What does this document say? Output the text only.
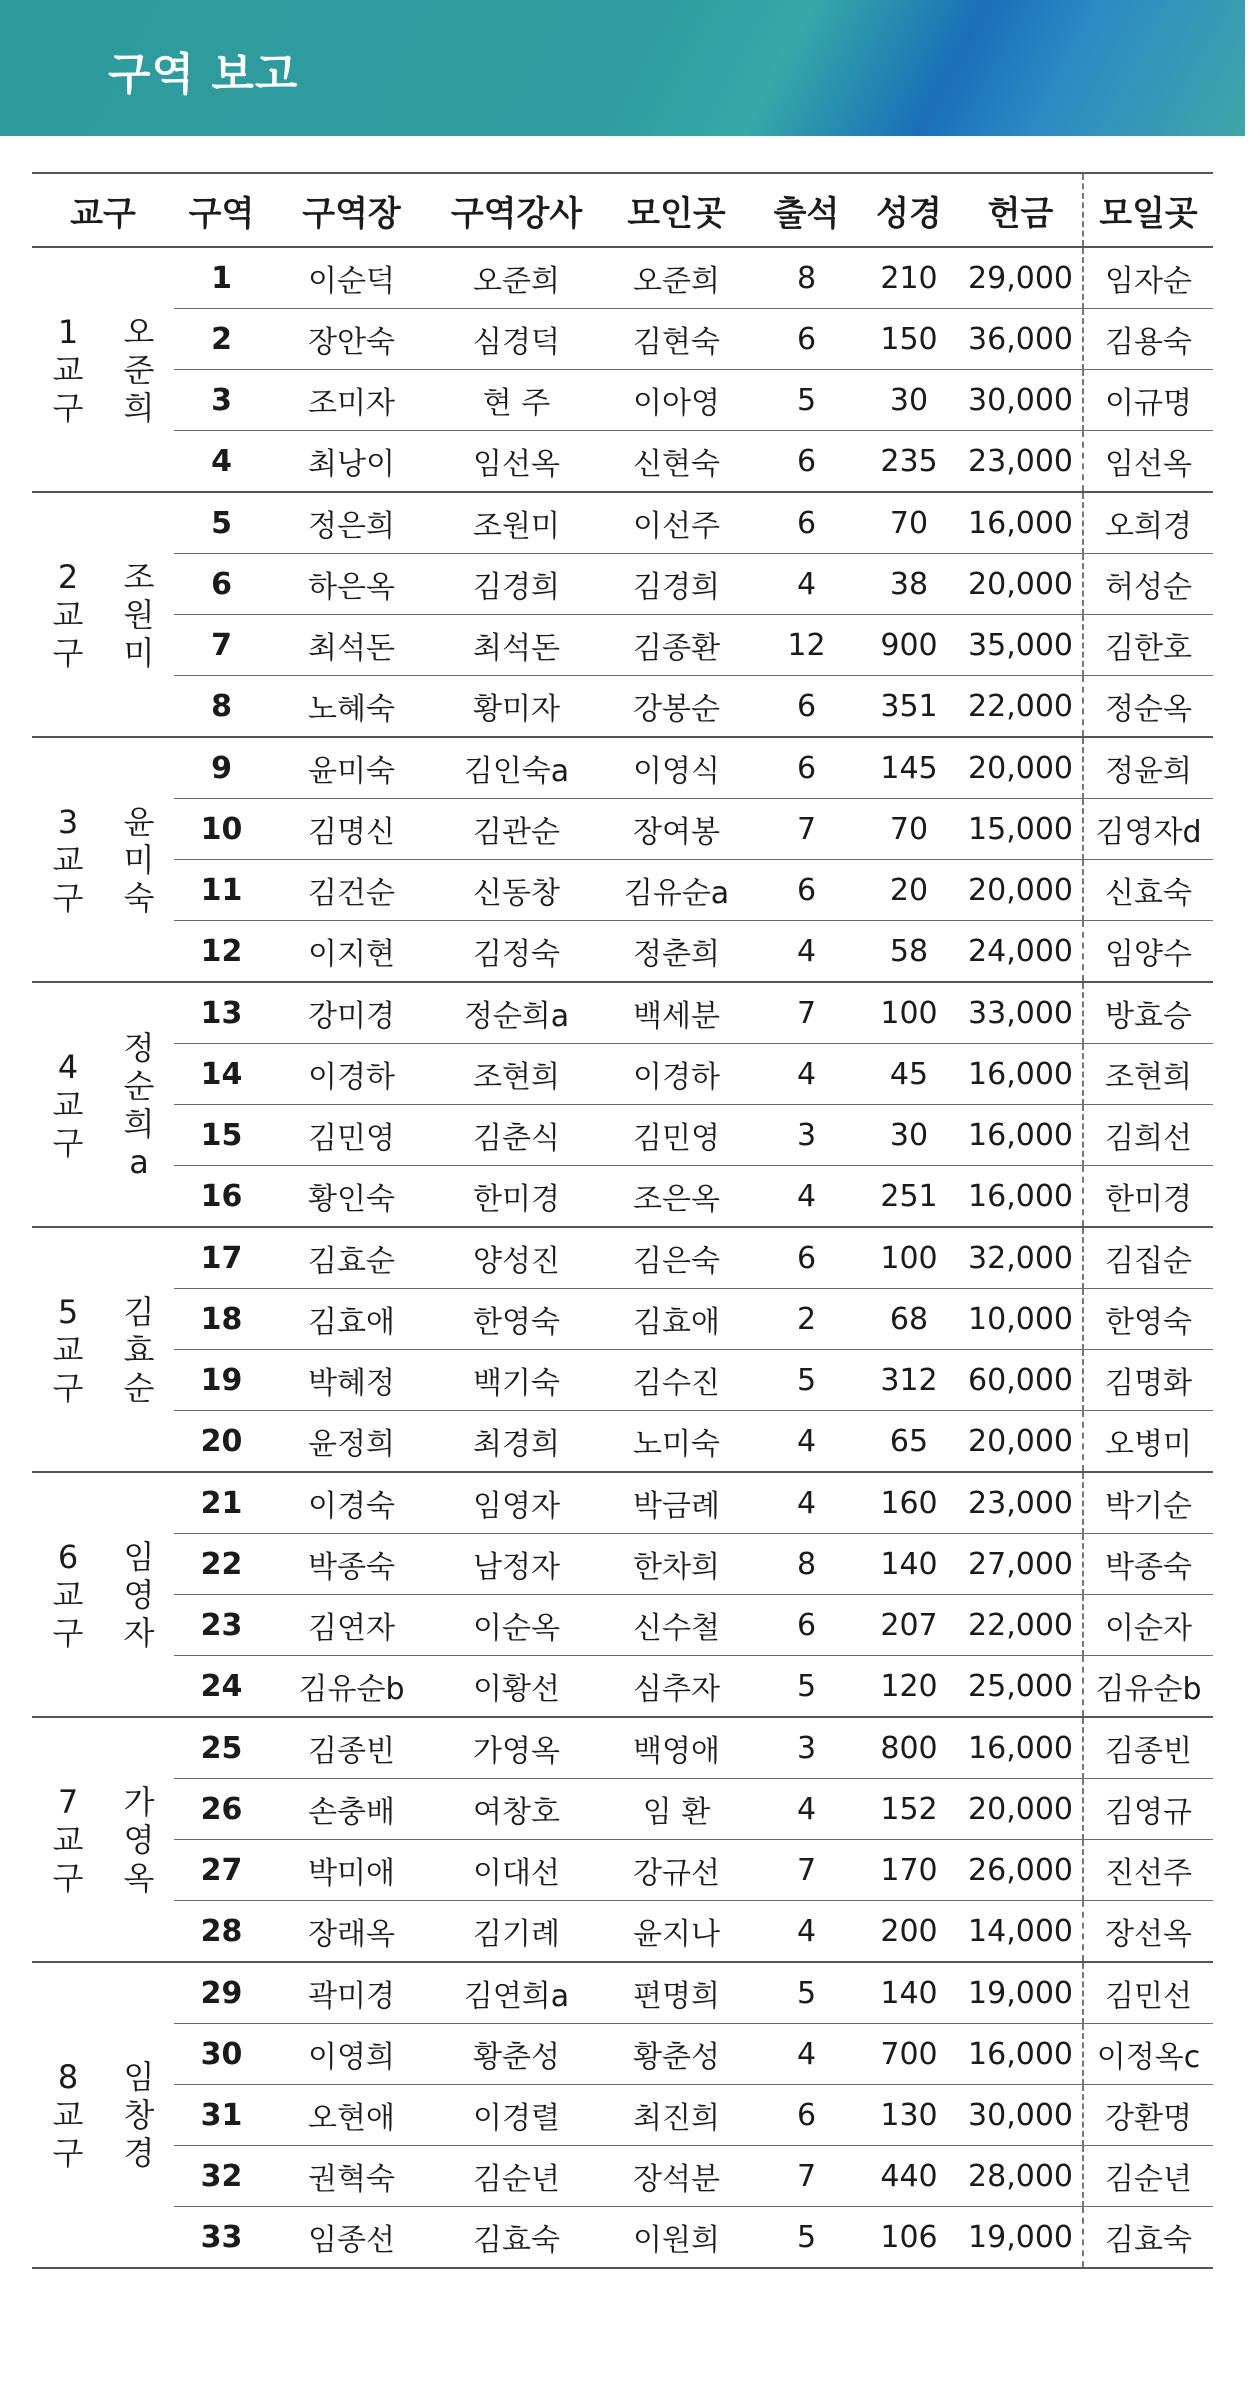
구역 보고
교구		구역	구역장	구역강사	모인곳	출석	성경	헌금	모일곳

1
교
구	오
준
희	1	이순덕	오준희	오준희	8	210	29,000	임자순
		2	장안숙	심경덕	김현숙	6	150	36,000	김용숙
		3	조미자	현 주	이아영	5	30	30,000	이규명
		4	최낭이	임선옥	신현숙	6	235	23,000	임선옥

2
교
구	조
원
미	5	정은희	조원미	이선주	6	70	16,000	오희경
		6	하은옥	김경희	김경희	4	38	20,000	허성순
		7	최석돈	최석돈	김종환	12	900	35,000	김한호
		8	노혜숙	황미자	강봉순	6	351	22,000	정순옥

3
교
구	윤
미
숙	9	윤미숙	김인숙a	이영식	6	145	20,000	정윤희
		10	김명신	김관순	장여봉	7	70	15,000	김영자d
		11	김건순	신동창	김유순a	6	20	20,000	신효숙
		12	이지현	김정숙	정춘희	4	58	24,000	임양수

4
교
구	정
순
희
a	13	강미경	정순희a	백세분	7	100	33,000	방효승
		14	이경하	조현희	이경하	4	45	16,000	조현희
		15	김민영	김춘식	김민영	3	30	16,000	김희선
		16	황인숙	한미경	조은옥	4	251	16,000	한미경

5
교
구	김
효
순	17	김효순	양성진	김은숙	6	100	32,000	김집순
		18	김효애	한영숙	김효애	2	68	10,000	한영숙
		19	박혜정	백기숙	김수진	5	312	60,000	김명화
		20	윤정희	최경희	노미숙	4	65	20,000	오병미

6
교
구	임
영
자	21	이경숙	임영자	박금례	4	160	23,000	박기순
		22	박종숙	남정자	한차희	8	140	27,000	박종숙
		23	김연자	이순옥	신수철	6	207	22,000	이순자
		24	김유순b	이황선	심추자	5	120	25,000	김유순b

7
교
구	가
영
옥	25	김종빈	가영옥	백영애	3	800	16,000	김종빈
		26	손충배	여창호	임 환	4	152	20,000	김영규
		27	박미애	이대선	강규선	7	170	26,000	진선주
		28	장래옥	김기례	윤지나	4	200	14,000	장선옥

8
교
구	임
창
경	29	곽미경	김연희a	편명희	5	140	19,000	김민선
		30	이영희	황춘성	황춘성	4	700	16,000	이정옥c
		31	오현애	이경렬	최진희	6	130	30,000	강환명
		32	권혁숙	김순년	장석분	7	440	28,000	김순년
		33	임종선	김효숙	이원희	5	106	19,000	김효숙
